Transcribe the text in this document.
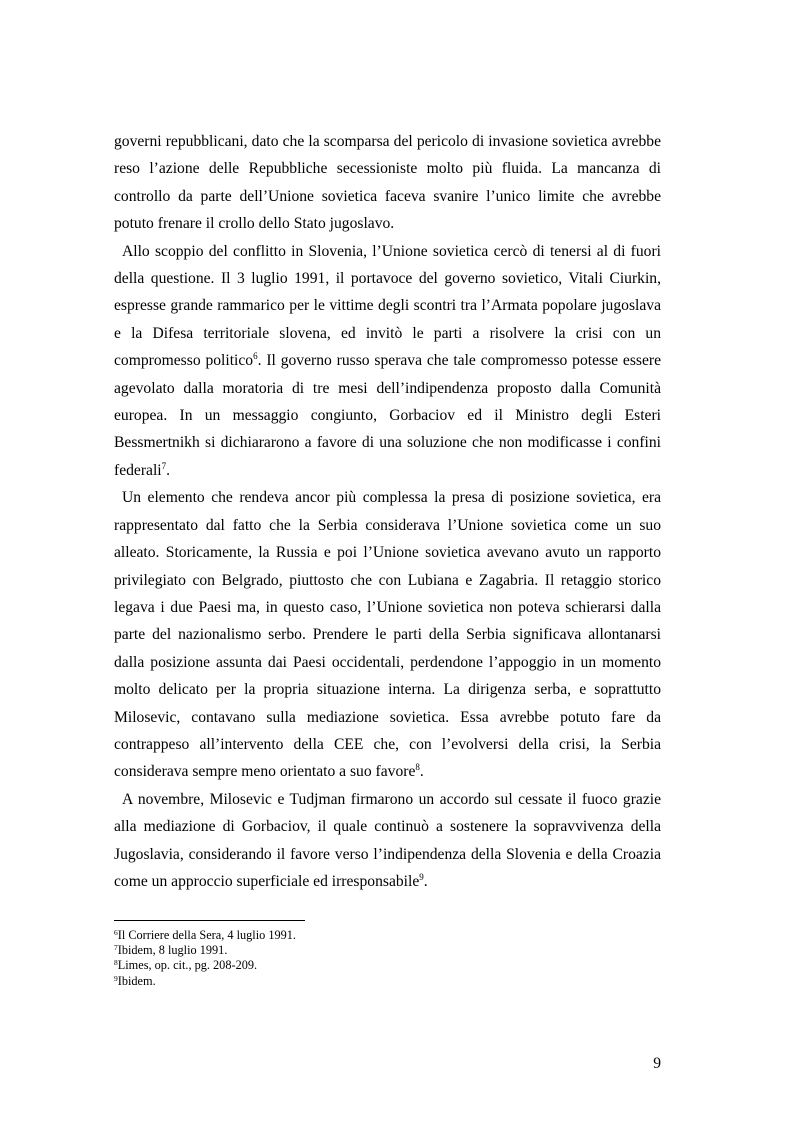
governi repubblicani, dato che la scomparsa del pericolo di invasione sovietica avrebbe reso l’azione delle Repubbliche secessioniste molto più fluida. La mancanza di controllo da parte dell’Unione sovietica faceva svanire l’unico limite che avrebbe potuto frenare il crollo dello Stato jugoslavo.

Allo scoppio del conflitto in Slovenia, l’Unione sovietica cercò di tenersi al di fuori della questione. Il 3 luglio 1991, il portavoce del governo sovietico, Vitali Ciurkin, espresse grande rammarico per le vittime degli scontri tra l’Armata popolare jugoslava e la Difesa territoriale slovena, ed invitò le parti a risolvere la crisi con un compromesso politico$^6$. Il governo russo sperava che tale compromesso potesse essere agevolato dalla moratoria di tre mesi dell’indipendenza proposto dalla Comunità europea. In un messaggio congiunto, Gorbaciov ed il Ministro degli Esteri Bessmertnikh si dichiararono a favore di una soluzione che non modificasse i confini federali$^7$.

Un elemento che rendeva ancor più complessa la presa di posizione sovietica, era rappresentato dal fatto che la Serbia considerava l’Unione sovietica come un suo alleato. Storicamente, la Russia e poi l’Unione sovietica avevano avuto un rapporto privilegiato con Belgrado, piuttosto che con Lubiana e Zagabria. Il retaggio storico legava i due Paesi ma, in questo caso, l’Unione sovietica non poteva schierarsi dalla parte del nazionalismo serbo. Prendere le parti della Serbia significava allontanarsi dalla posizione assunta dai Paesi occidentali, perdendone l’appoggio in un momento molto delicato per la propria situazione interna. La dirigenza serba, e soprattutto Milosevic, contavano sulla mediazione sovietica. Essa avrebbe potuto fare da contrappeso all’intervento della CEE che, con l’evolversi della crisi, la Serbia considerava sempre meno orientato a suo favore$^8$.

A novembre, Milosevic e Tudjman firmarono un accordo sul cessate il fuoco grazie alla mediazione di Gorbaciov, il quale continuò a sostenere la sopravvivenza della Jugoslavia, considerando il favore verso l’indipendenza della Slovenia e della Croazia come un approccio superficiale ed irresponsabile$^9$.

$^6$Il Corriere della Sera, 4 luglio 1991.
$^7$Ibidem, 8 luglio 1991.
$^8$Limes, op. cit., pg. 208-209.
$^9$Ibidem.
9
